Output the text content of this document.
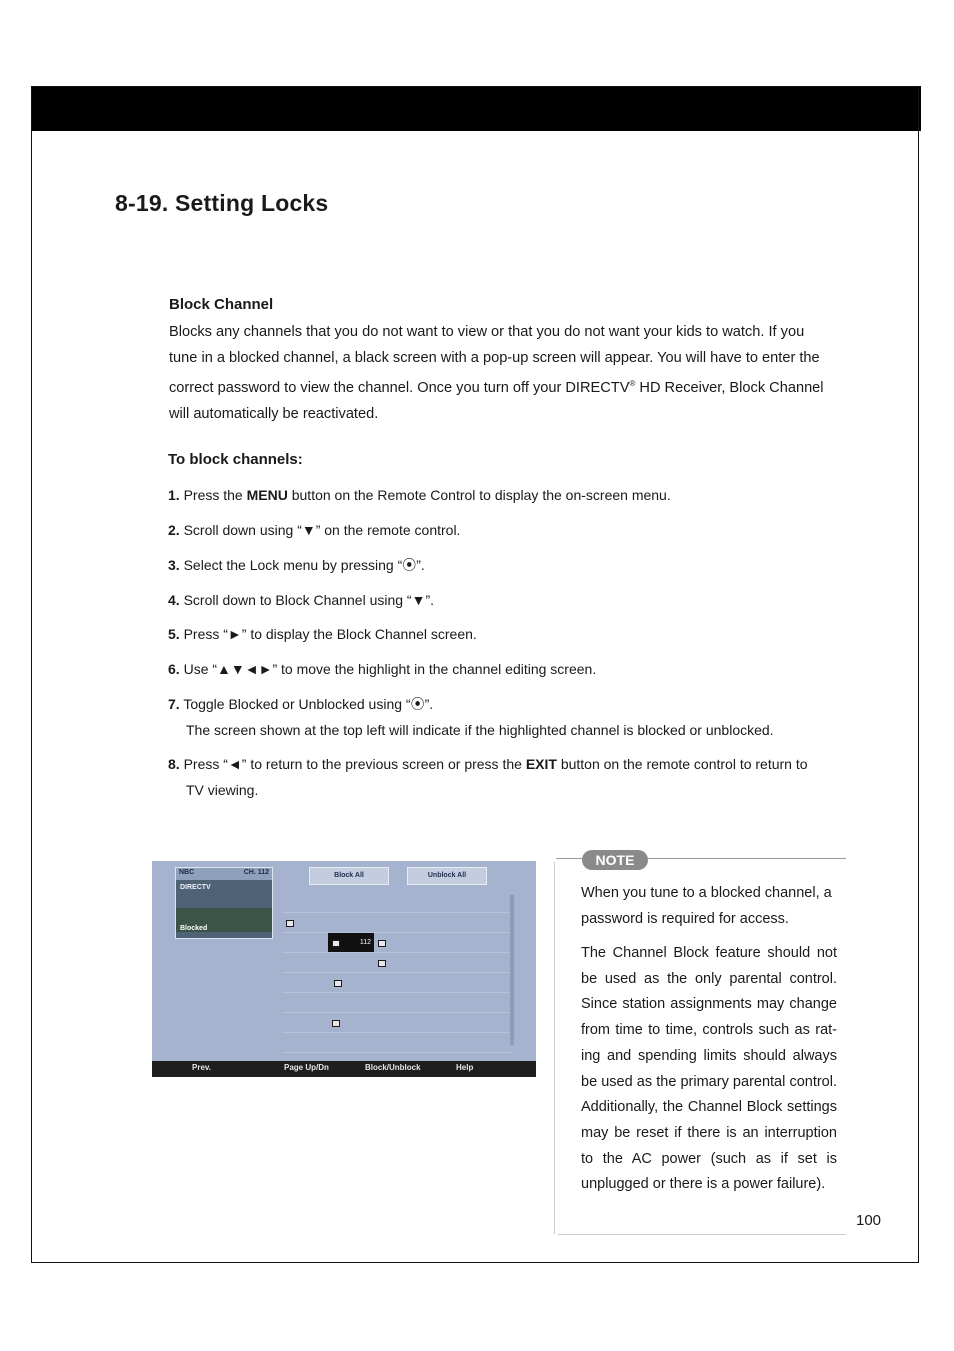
8-19. Setting Locks
Block Channel
Blocks any channels that you do not want to view or that you do not want your kids to watch. If you tune in a blocked channel, a black screen with a pop-up screen will appear. You will have to enter the correct password to view the channel. Once you turn off your DIRECTV® HD Receiver, Block Channel will automatically be reactivated.
To block channels:
1. Press the MENU button on the Remote Control to display the on-screen menu.
2. Scroll down using “▼” on the remote control.
3. Select the Lock menu by pressing “⦿”.
4. Scroll down to Block Channel using “▼”.
5. Press “►” to display the Block Channel screen.
6. Use “▲▼◄►” to move the highlight in the channel editing screen.
7. Toggle Blocked or Unblocked using “⦿”.
The screen shown at the top left will indicate if the highlighted channel is blocked or unblocked.
8. Press “◄” to return to the previous screen or press the EXIT button on the remote control to return to
TV viewing.
NBC	CH. 112
DIRECTV
Blocked
Block All	Unblock All
112
Prev.	Page Up/Dn	Block/Unblock	Help
NOTE
When you tune to a blocked channel, a password is required for access.
The Channel Block feature should not be used as the only parental control. Since station assignments may change from time to time, controls such as rat-ing and spending limits should always be used as the primary parental control. Additionally, the Channel Block settings may be reset if there is an interruption to the AC power (such as if set is unplugged or there is a power failure).
100
